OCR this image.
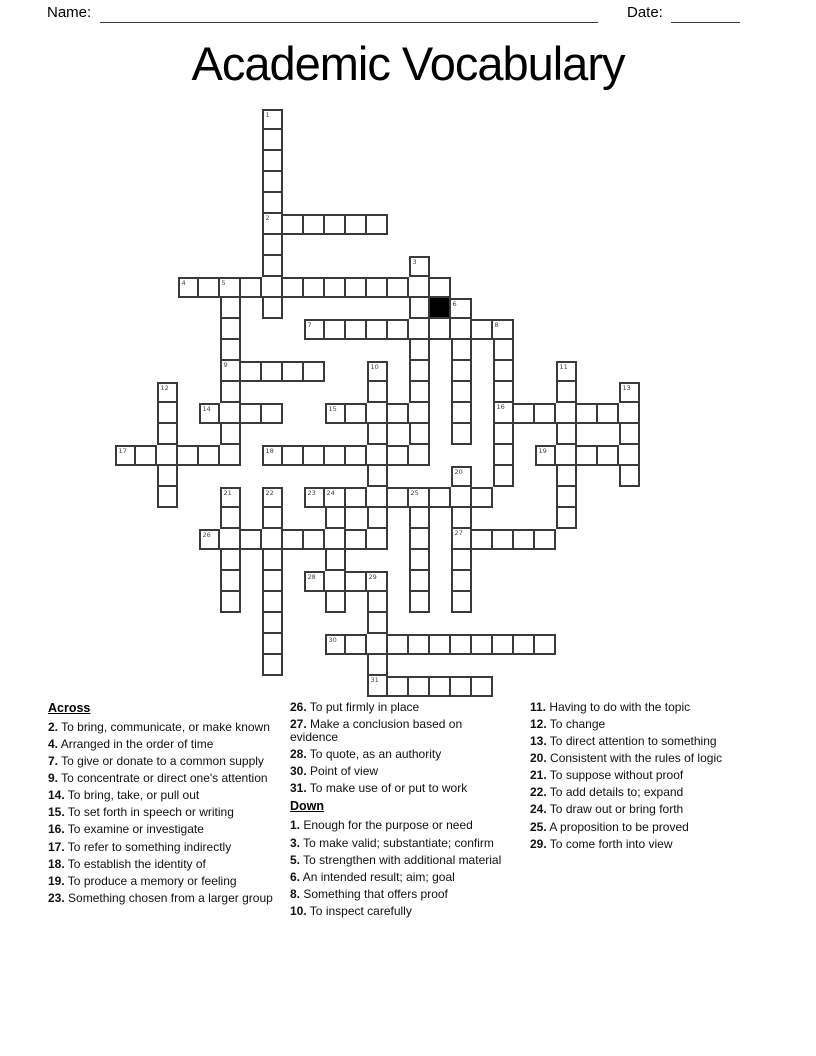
Name:	Date:
Academic Vocabulary
1
2
3
4	5
6
7	8
9	10	11
12	13
14	15	16
17	18	19
20
21	22	23 24	25
26	27
28	29
30
31
Across

2. To bring, communicate, or make known

4. Arranged in the order of time

7. To give or donate to a common supply

9. To concentrate or direct one's attention

14. To bring, take, or pull out

15. To set forth in speech or writing

16. To examine or investigate

17. To refer to something indirectly

18. To establish the identity of

19. To produce a memory or feeling

23. Something chosen from a larger group

26. To put firmly in place

27. Make a conclusion based on evidence

28. To quote, as an authority

30. Point of view

31. To make use of or put to work

Down

1. Enough for the purpose or need

3. To make valid; substantiate; confirm

5. To strengthen with additional material

6. An intended result; aim; goal

8. Something that offers proof

10. To inspect carefully

11. Having to do with the topic

12. To change

13. To direct attention to something

20. Consistent with the rules of logic

21. To suppose without proof

22. To add details to; expand

24. To draw out or bring forth

25. A proposition to be proved

29. To come forth into view
